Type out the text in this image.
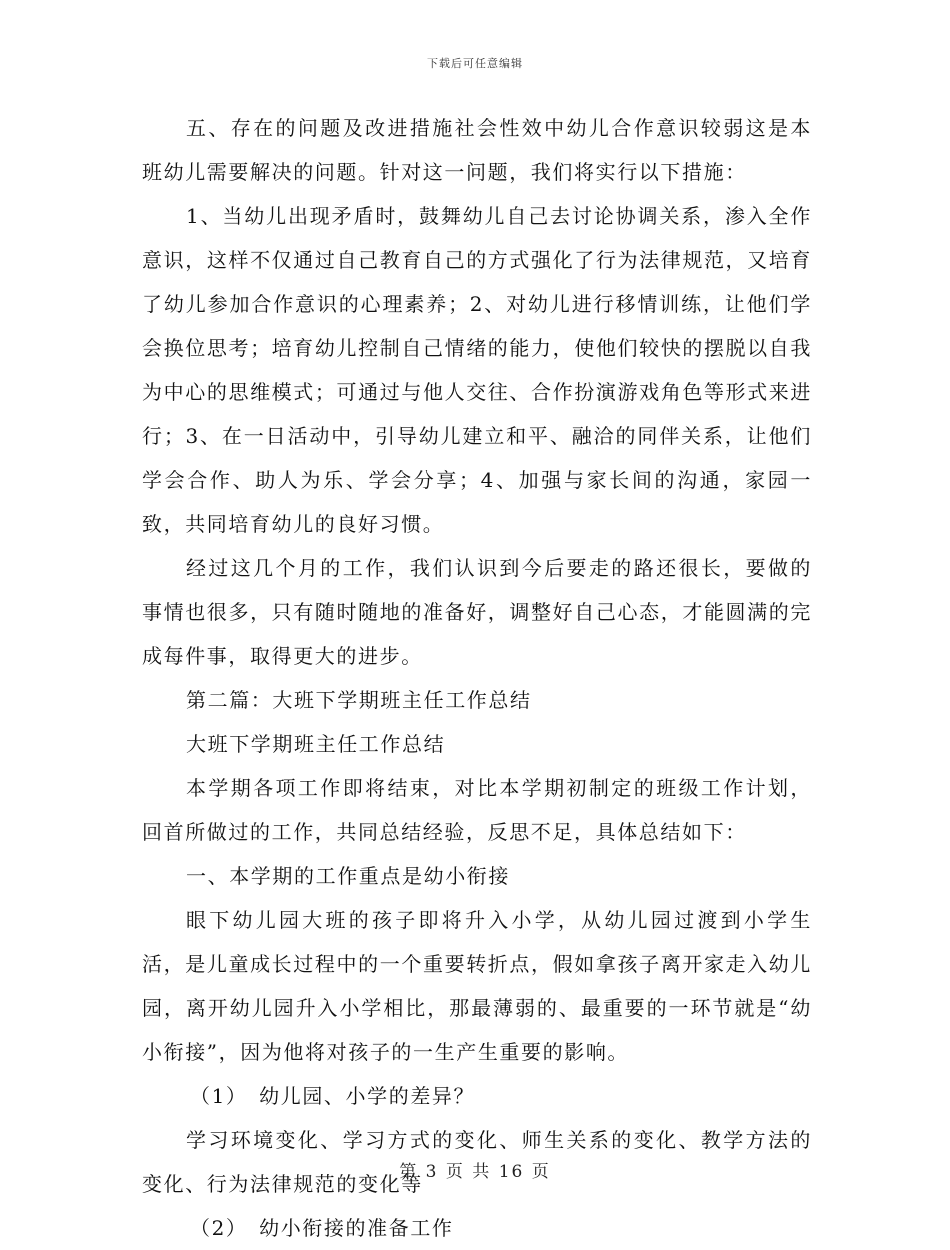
下载后可任意编辑

五、存在的问题及改进措施社会性效中幼儿合作意识较弱这是本班幼儿需要解决的问题。针对这一问题，我们将实行以下措施：

1、当幼儿出现矛盾时，鼓舞幼儿自己去讨论协调关系，渗入全作意识，这样不仅通过自己教育自己的方式强化了行为法律规范，又培育了幼儿参加合作意识的心理素养；2、对幼儿进行移情训练，让他们学会换位思考；培育幼儿控制自己情绪的能力，使他们较快的摆脱以自我为中心的思维模式；可通过与他人交往、合作扮演游戏角色等形式来进行；3、在一日活动中，引导幼儿建立和平、融洽的同伴关系，让他们学会合作、助人为乐、学会分享；4、加强与家长间的沟通，家园一致，共同培育幼儿的良好习惯。

经过这几个月的工作，我们认识到今后要走的路还很长，要做的事情也很多，只有随时随地的准备好，调整好自己心态，才能圆满的完成每件事，取得更大的进步。

第二篇：大班下学期班主任工作总结

大班下学期班主任工作总结

本学期各项工作即将结束，对比本学期初制定的班级工作计划，回首所做过的工作，共同总结经验，反思不足，具体总结如下：

一、本学期的工作重点是幼小衔接

眼下幼儿园大班的孩子即将升入小学，从幼儿园过渡到小学生活，是儿童成长过程中的一个重要转折点，假如拿孩子离开家走入幼儿园，离开幼儿园升入小学相比，那最薄弱的、最重要的一环节就是“幼小衔接”，因为他将对孩子的一生产生重要的影响。

（1）　幼儿园、小学的差异？

学习环境变化、学习方式的变化、师生关系的变化、教学方法的变化、行为法律规范的变化等

（2）　幼小衔接的准备工作

第 3 页 共 16 页
